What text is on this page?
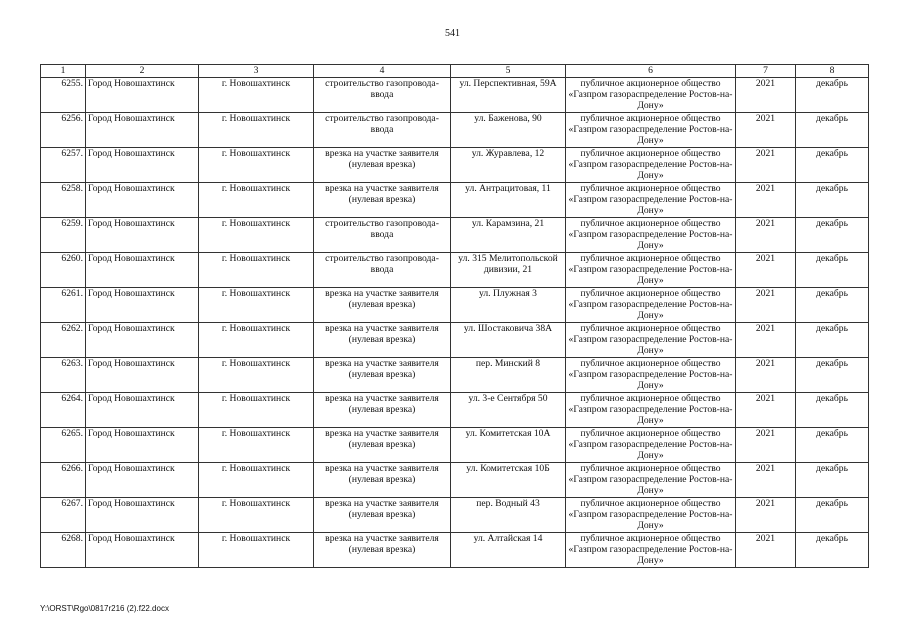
541
1	2	3	4	5	6	7	8
6255.	Город Новошахтинск	г. Новошахтинск	строительство газопровода-ввода	ул. Перспективная, 59А	публичное акционерное общество «Газпром газораспределение Ростов-на-Дону»	2021	декабрь
6256.	Город Новошахтинск	г. Новошахтинск	строительство газопровода-ввода	ул. Баженова, 90	публичное акционерное общество «Газпром газораспределение Ростов-на-Дону»	2021	декабрь
6257.	Город Новошахтинск	г. Новошахтинск	врезка на участке заявителя (нулевая врезка)	ул. Журавлева, 12	публичное акционерное общество «Газпром газораспределение Ростов-на-Дону»	2021	декабрь
6258.	Город Новошахтинск	г. Новошахтинск	врезка на участке заявителя (нулевая врезка)	ул. Антрацитовая, 11	публичное акционерное общество «Газпром газораспределение Ростов-на-Дону»	2021	декабрь
6259.	Город Новошахтинск	г. Новошахтинск	строительство газопровода-ввода	ул. Карамзина, 21	публичное акционерное общество «Газпром газораспределение Ростов-на-Дону»	2021	декабрь
6260.	Город Новошахтинск	г. Новошахтинск	строительство газопровода-ввода	ул. 315 Мелитопольской дивизии, 21	публичное акционерное общество «Газпром газораспределение Ростов-на-Дону»	2021	декабрь
6261.	Город Новошахтинск	г. Новошахтинск	врезка на участке заявителя (нулевая врезка)	ул. Плужная 3	публичное акционерное общество «Газпром газораспределение Ростов-на-Дону»	2021	декабрь
6262.	Город Новошахтинск	г. Новошахтинск	врезка на участке заявителя (нулевая врезка)	ул. Шостаковича 38А	публичное акционерное общество «Газпром газораспределение Ростов-на-Дону»	2021	декабрь
6263.	Город Новошахтинск	г. Новошахтинск	врезка на участке заявителя (нулевая врезка)	пер. Минский 8	публичное акционерное общество «Газпром газораспределение Ростов-на-Дону»	2021	декабрь
6264.	Город Новошахтинск	г. Новошахтинск	врезка на участке заявителя (нулевая врезка)	ул. 3-е Сентября 50	публичное акционерное общество «Газпром газораспределение Ростов-на-Дону»	2021	декабрь
6265.	Город Новошахтинск	г. Новошахтинск	врезка на участке заявителя (нулевая врезка)	ул. Комитетская 10А	публичное акционерное общество «Газпром газораспределение Ростов-на-Дону»	2021	декабрь
6266.	Город Новошахтинск	г. Новошахтинск	врезка на участке заявителя (нулевая врезка)	ул. Комитетская 10Б	публичное акционерное общество «Газпром газораспределение Ростов-на-Дону»	2021	декабрь
6267.	Город Новошахтинск	г. Новошахтинск	врезка на участке заявителя (нулевая врезка)	пер. Водный 43	публичное акционерное общество «Газпром газораспределение Ростов-на-Дону»	2021	декабрь
6268.	Город Новошахтинск	г. Новошахтинск	врезка на участке заявителя (нулевая врезка)	ул. Алтайская 14	публичное акционерное общество «Газпром газораспределение Ростов-на-Дону»	2021	декабрь
Y:\ORST\Rgo\0817r216 (2).f22.docx
